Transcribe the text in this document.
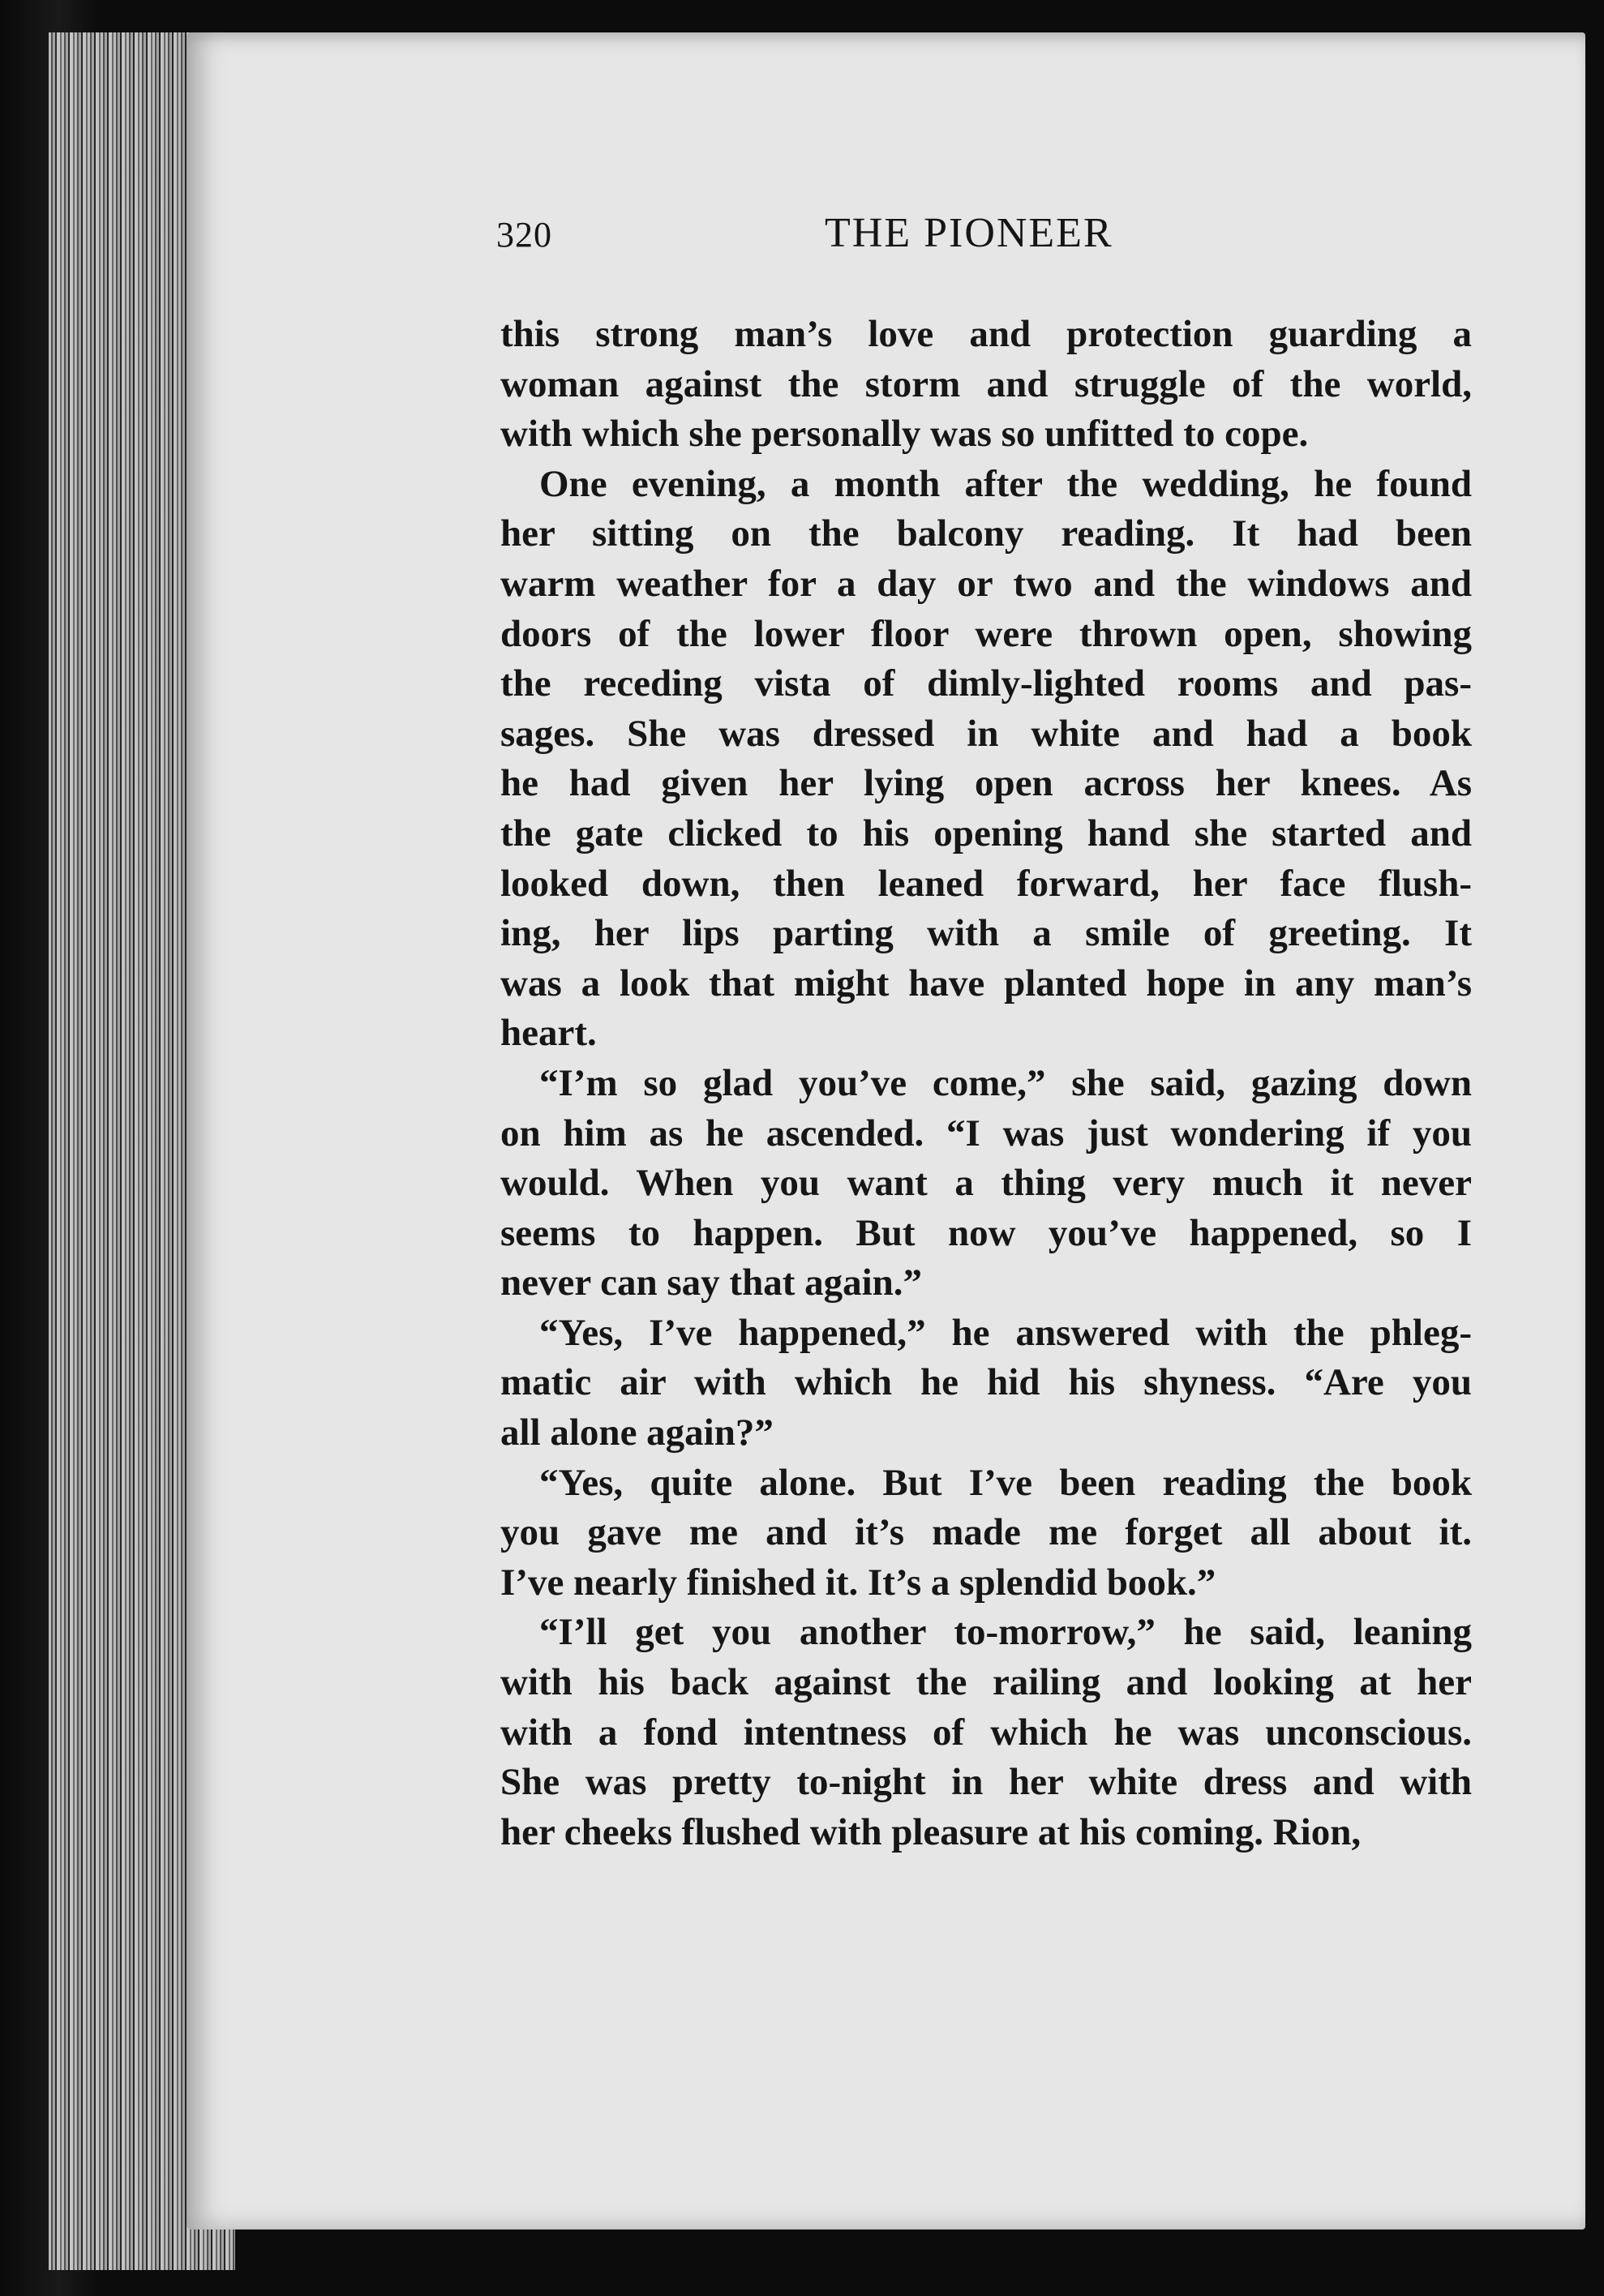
320	THE PIONEER
this strong man’s love and protection guarding a
woman against the storm and struggle of the world,
with which she personally was so unfitted to cope.
One evening, a month after the wedding, he found
her sitting on the balcony reading. It had been
warm weather for a day or two and the windows and
doors of the lower floor were thrown open, showing
the receding vista of dimly-lighted rooms and pas-
sages. She was dressed in white and had a book
he had given her lying open across her knees. As
the gate clicked to his opening hand she started and
looked down, then leaned forward, her face flush-
ing, her lips parting with a smile of greeting. It
was a look that might have planted hope in any man’s
heart.
“I’m so glad you’ve come,” she said, gazing down
on him as he ascended. “I was just wondering if you
would. When you want a thing very much it never
seems to happen. But now you’ve happened, so I
never can say that again.”
“Yes, I’ve happened,” he answered with the phleg-
matic air with which he hid his shyness. “Are you
all alone again?”
“Yes, quite alone. But I’ve been reading the book
you gave me and it’s made me forget all about it.
I’ve nearly finished it. It’s a splendid book.”
“I’ll get you another to-morrow,” he said, leaning
with his back against the railing and looking at her
with a fond intentness of which he was unconscious.
She was pretty to-night in her white dress and with
her cheeks flushed with pleasure at his coming. Rion,
